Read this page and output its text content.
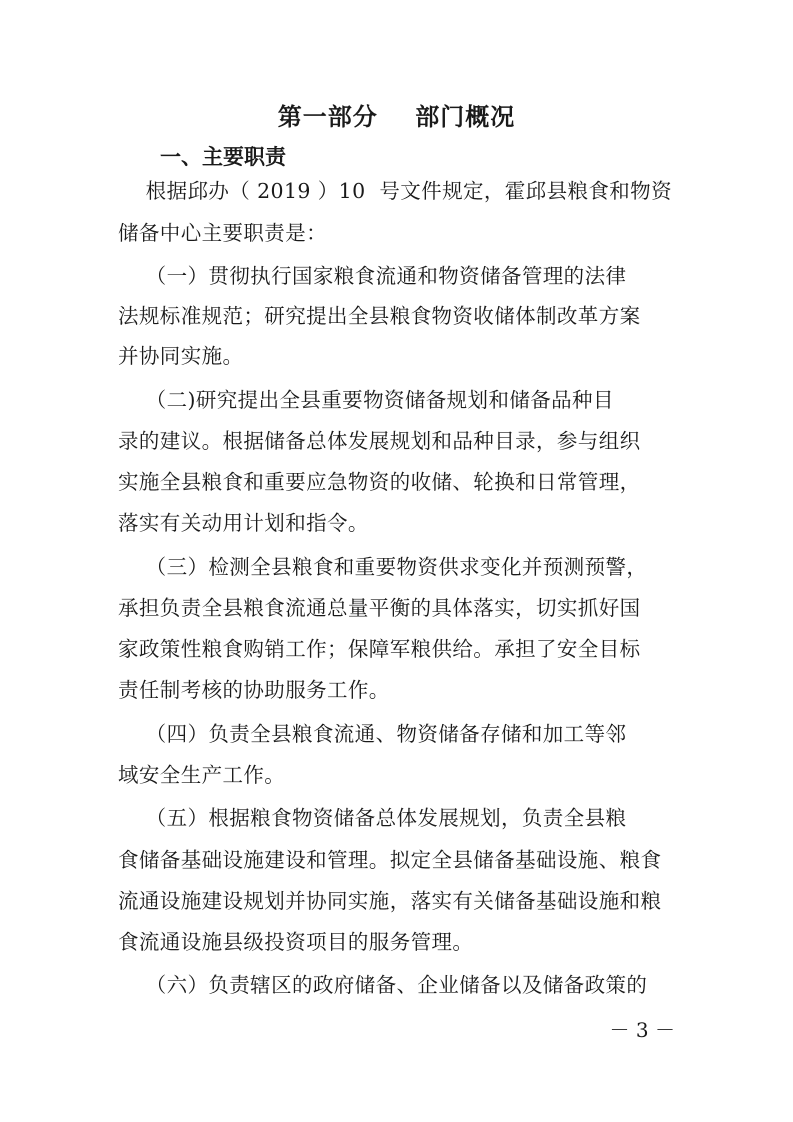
第一部分    部门概况
一、主要职责
根据邱办（ 2019 ）10  号文件规定，霍邱县粮食和物资
储备中心主要职责是：
（一）贯彻执行国家粮食流通和物资储备管理的法律
法规标准规范；研究提出全县粮食物资收储体制改革方案
并协同实施。
（二)研究提出全县重要物资储备规划和储备品种目
录的建议。根据储备总体发展规划和品种目录，参与组织
实施全县粮食和重要应急物资的收储、轮换和日常管理，
落实有关动用计划和指令。
（三）检测全县粮食和重要物资供求变化并预测预警，
承担负责全县粮食流通总量平衡的具体落实，切实抓好国
家政策性粮食购销工作；保障军粮供给。承担了安全目标
责任制考核的协助服务工作。
（四）负责全县粮食流通、物资储备存储和加工等邻
域安全生产工作。
（五）根据粮食物资储备总体发展规划，负责全县粮
食储备基础设施建设和管理。拟定全县储备基础设施、粮食
流通设施建设规划并协同实施，落实有关储备基础设施和粮
食流通设施县级投资项目的服务管理。
（六）负责辖区的政府储备、企业储备以及储备政策的
－ 3 －
